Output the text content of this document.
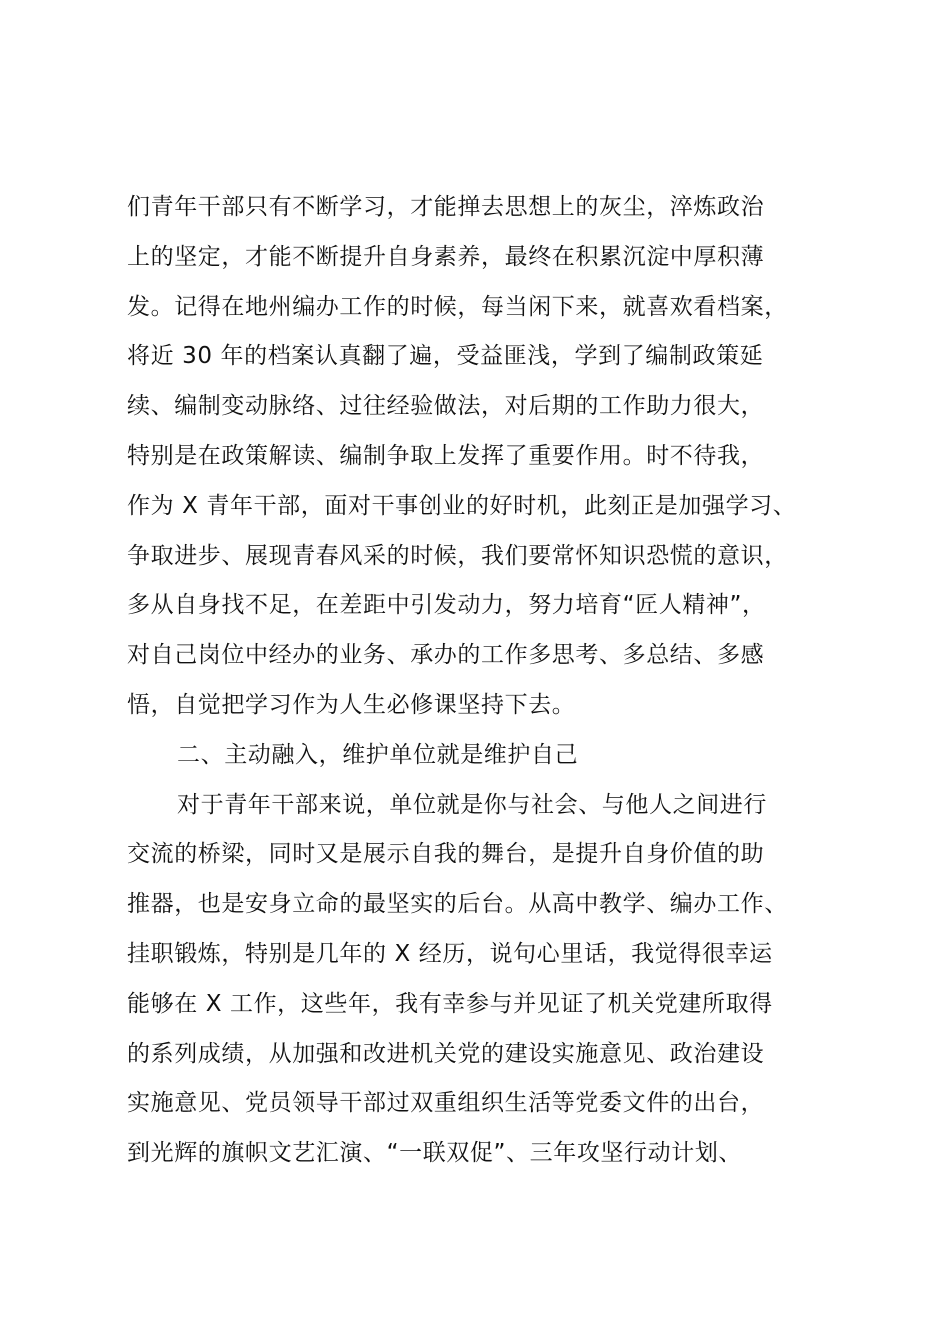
们青年干部只有不断学习，才能掸去思想上的灰尘，淬炼政治
上的坚定，才能不断提升自身素养，最终在积累沉淀中厚积薄
发。记得在地州编办工作的时候，每当闲下来，就喜欢看档案，
将近 30 年的档案认真翻了遍，受益匪浅，学到了编制政策延
续、编制变动脉络、过往经验做法，对后期的工作助力很大，
特别是在政策解读、编制争取上发挥了重要作用。时不待我，
作为 X 青年干部，面对干事创业的好时机，此刻正是加强学习、
争取进步、展现青春风采的时候，我们要常怀知识恐慌的意识，
多从自身找不足，在差距中引发动力，努力培育“匠人精神”，
对自己岗位中经办的业务、承办的工作多思考、多总结、多感
悟，自觉把学习作为人生必修课坚持下去。
二、主动融入，维护单位就是维护自己
对于青年干部来说，单位就是你与社会、与他人之间进行
交流的桥梁，同时又是展示自我的舞台，是提升自身价值的助
推器，也是安身立命的最坚实的后台。从高中教学、编办工作、
挂职锻炼，特别是几年的 X 经历，说句心里话，我觉得很幸运
能够在 X 工作，这些年，我有幸参与并见证了机关党建所取得
的系列成绩，从加强和改进机关党的建设实施意见、政治建设
实施意见、党员领导干部过双重组织生活等党委文件的出台，
到光辉的旗帜文艺汇演、“一联双促”、三年攻坚行动计划、
